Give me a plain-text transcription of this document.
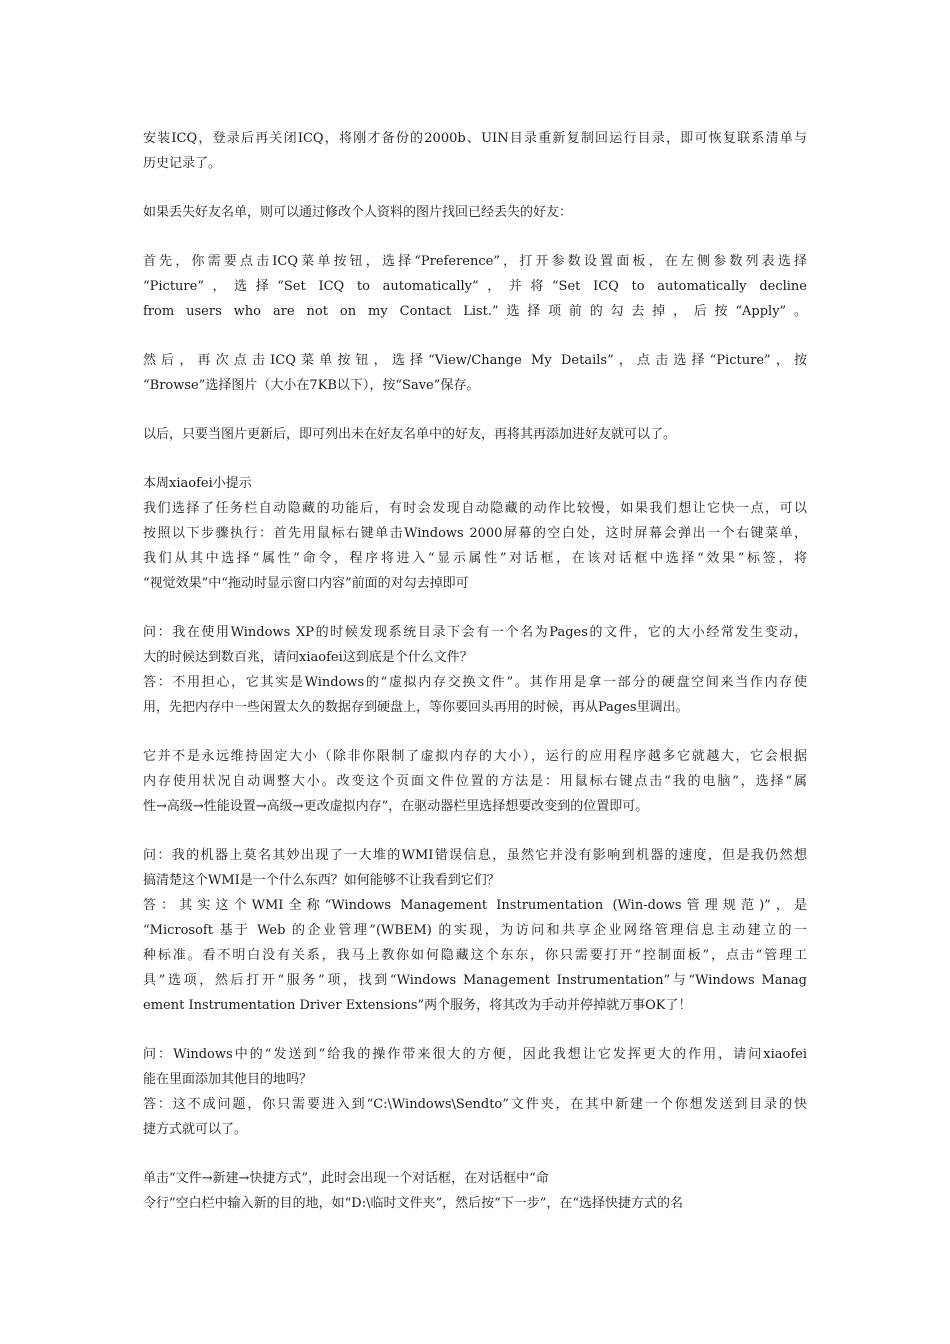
安装ICQ，登录后再关闭ICQ，将刚才备份的2000b、UIN目录重新复制回运行目录，即可恢复联系清单与
历史记录了。
如果丢失好友名单，则可以通过修改个人资料的图片找回已经丢失的好友：
首先，你需要点击ICQ菜单按钮，选择“Preference”，打开参数设置面板，在左侧参数列表选择
“Picture”，选择“Set ICQ to automatically”，并将“Set ICQ to automatically decline
from users who are not on my Contact List.”选择项前的勾去掉，后按“Apply”。
然后，再次点击ICQ菜单按钮，选择“View/Change My Details”，点击选择“Picture”，按
“Browse”选择图片（大小在7KB以下），按“Save”保存。
以后，只要当图片更新后，即可列出未在好友名单中的好友，再将其再添加进好友就可以了。
本周xiaofei小提示
我们选择了任务栏自动隐藏的功能后，有时会发现自动隐藏的动作比较慢，如果我们想让它快一点，可以
按照以下步骤执行：首先用鼠标右键单击Windows 2000屏幕的空白处，这时屏幕会弹出一个右键菜单，
我们从其中选择“属性”命令，程序将进入“显示属性”对话框，在该对话框中选择“效果”标签，将
“视觉效果”中“拖动时显示窗口内容”前面的对勾去掉即可
问：我在使用Windows XP的时候发现系统目录下会有一个名为Pages的文件，它的大小经常发生变动，
大的时候达到数百兆，请问xiaofei这到底是个什么文件？
答：不用担心，它其实是Windows的“虚拟内存交换文件”。其作用是拿一部分的硬盘空间来当作内存使
用，先把内存中一些闲置太久的数据存到硬盘上，等你要回头再用的时候，再从Pages里调出。
它并不是永远维持固定大小（除非你限制了虚拟内存的大小），运行的应用程序越多它就越大，它会根据
内存使用状况自动调整大小。改变这个页面文件位置的方法是：用鼠标右键点击“我的电脑”，选择“属
性→高级→性能设置→高级→更改虚拟内存”，在驱动器栏里选择想要改变到的位置即可。
问：我的机器上莫名其妙出现了一大堆的WMI错误信息，虽然它并没有影响到机器的速度，但是我仍然想
搞清楚这个WMI是一个什么东西？如何能够不让我看到它们？
答：其实这个WMI全称“Windows Management Instrumentation (Win-dows管理规范)”，是
“Microsoft 基于 Web 的企业管理”(WBEM) 的实现，为访问和共享企业网络管理信息主动建立的一
种标准。看不明白没有关系，我马上教你如何隐藏这个东东，你只需要打开“控制面板”，点击“管理工
具”选项，然后打开“服务”项，找到“Windows Management Instrumentation”与“Windows Manag
ement Instrumentation Driver Extensions”两个服务，将其改为手动并停掉就万事OK了！
问：Windows中的“发送到”给我的操作带来很大的方便，因此我想让它发挥更大的作用，请问xiaofei
能在里面添加其他目的地吗？
答：这不成问题，你只需要进入到“C:\Windows\Sendto”文件夹，在其中新建一个你想发送到目录的快
捷方式就可以了。
单击“文件→新建→快捷方式”，此时会出现一个对话框，在对话框中“命
令行”空白栏中输入新的目的地，如“D:\临时文件夹”，然后按“下一步”，在“选择快捷方式的名
